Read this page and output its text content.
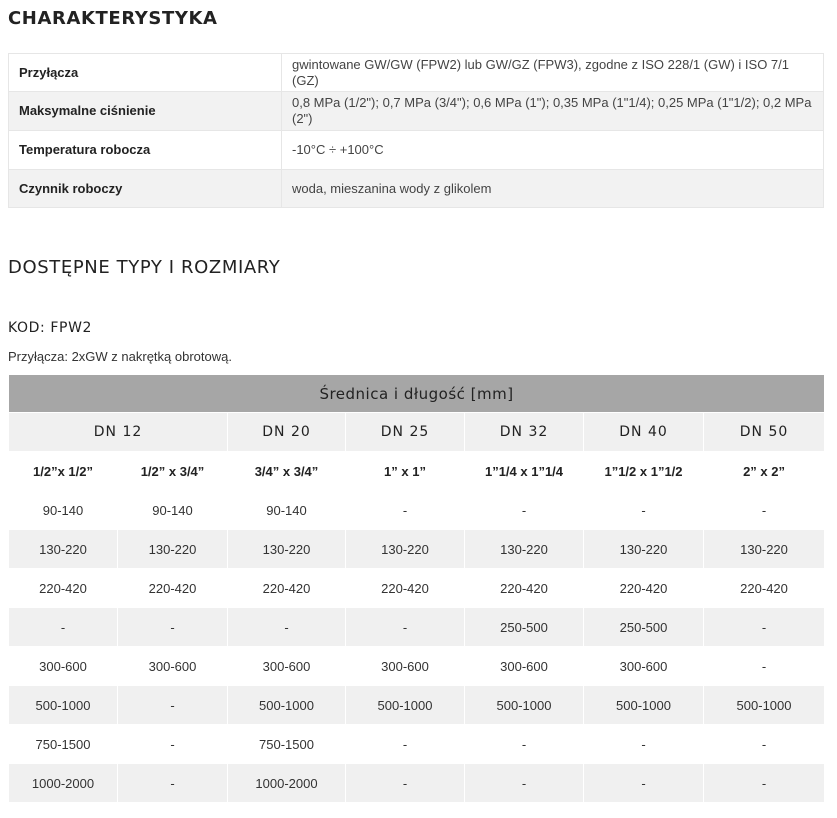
CHARAKTERYSTYKA
Przyłącza	gwintowane GW/GW (FPW2) lub GW/GZ (FPW3), zgodne z ISO 228/1 (GW) i ISO 7/1 (GZ)
Maksymalne ciśnienie	0,8 MPa (1/2"); 0,7 MPa (3/4"); 0,6 MPa (1"); 0,35 MPa (1"1/4); 0,25 MPa (1"1/2); 0,2 MPa (2")
Temperatura robocza	-10°C ÷ +100°C
Czynnik roboczy	woda, mieszanina wody z glikolem
DOSTĘPNE TYPY I ROZMIARY
KOD: FPW2
Przyłącza: 2xGW z nakrętką obrotową.
Średnica i długość [mm]						
DN 12		DN 20	DN 25	DN 32	DN 40	DN 50
1/2”x 1/2”	1/2” x 3/4”	3/4” x 3/4”	1” x 1”	1”1/4 x 1”1/4	1”1/2 x 1”1/2	2” x 2”
90-140	90-140	90-140	-	-	-	-
130-220	130-220	130-220	130-220	130-220	130-220	130-220
220-420	220-420	220-420	220-420	220-420	220-420	220-420
-	-	-	-	250-500	250-500	-
300-600	300-600	300-600	300-600	300-600	300-600	-
500-1000	-	500-1000	500-1000	500-1000	500-1000	500-1000
750-1500	-	750-1500	-	-	-	-
1000-2000	-	1000-2000	-	-	-	-
